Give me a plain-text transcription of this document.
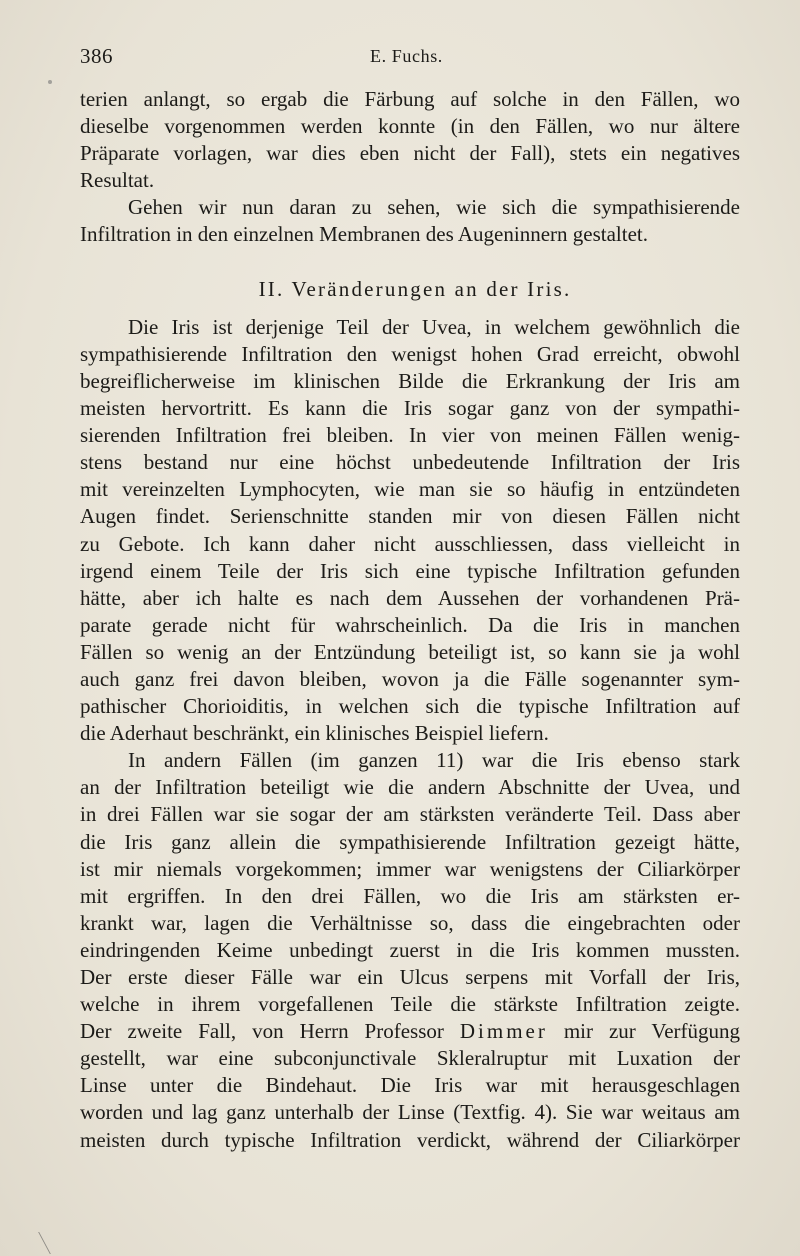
386	E. Fuchs.
terien anlangt, so ergab die Färbung auf solche in den Fällen, wo
dieselbe vorgenommen werden konnte (in den Fällen, wo nur ältere
Präparate vorlagen, war dies eben nicht der Fall), stets ein negatives
Resultat.
Gehen wir nun daran zu sehen, wie sich die sympathisierende
Infiltration in den einzelnen Membranen des Augeninnern gestaltet.
II. Veränderungen an der Iris.
Die Iris ist derjenige Teil der Uvea, in welchem gewöhnlich die
sympathisierende Infiltration den wenigst hohen Grad erreicht, obwohl
begreiflicherweise im klinischen Bilde die Erkrankung der Iris am
meisten hervortritt. Es kann die Iris sogar ganz von der sympathi-
sierenden Infiltration frei bleiben. In vier von meinen Fällen wenig-
stens bestand nur eine höchst unbedeutende Infiltration der Iris
mit vereinzelten Lymphocyten, wie man sie so häufig in entzündeten
Augen findet. Serienschnitte standen mir von diesen Fällen nicht
zu Gebote. Ich kann daher nicht ausschliessen, dass vielleicht in
irgend einem Teile der Iris sich eine typische Infiltration gefunden
hätte, aber ich halte es nach dem Aussehen der vorhandenen Prä-
parate gerade nicht für wahrscheinlich. Da die Iris in manchen
Fällen so wenig an der Entzündung beteiligt ist, so kann sie ja wohl
auch ganz frei davon bleiben, wovon ja die Fälle sogenannter sym-
pathischer Chorioiditis, in welchen sich die typische Infiltration auf
die Aderhaut beschränkt, ein klinisches Beispiel liefern.
In andern Fällen (im ganzen 11) war die Iris ebenso stark
an der Infiltration beteiligt wie die andern Abschnitte der Uvea, und
in drei Fällen war sie sogar der am stärksten veränderte Teil. Dass aber
die Iris ganz allein die sympathisierende Infiltration gezeigt hätte,
ist mir niemals vorgekommen; immer war wenigstens der Ciliarkörper
mit ergriffen. In den drei Fällen, wo die Iris am stärksten er-
krankt war, lagen die Verhältnisse so, dass die eingebrachten oder
eindringenden Keime unbedingt zuerst in die Iris kommen mussten.
Der erste dieser Fälle war ein Ulcus serpens mit Vorfall der Iris,
welche in ihrem vorgefallenen Teile die stärkste Infiltration zeigte.
Der zweite Fall, von Herrn Professor Dimmer mir zur Verfügung
gestellt, war eine subconjunctivale Skleralruptur mit Luxation der
Linse unter die Bindehaut. Die Iris war mit herausgeschlagen
worden und lag ganz unterhalb der Linse (Textfig. 4). Sie war weitaus am
meisten durch typische Infiltration verdickt, während der Ciliarkörper
